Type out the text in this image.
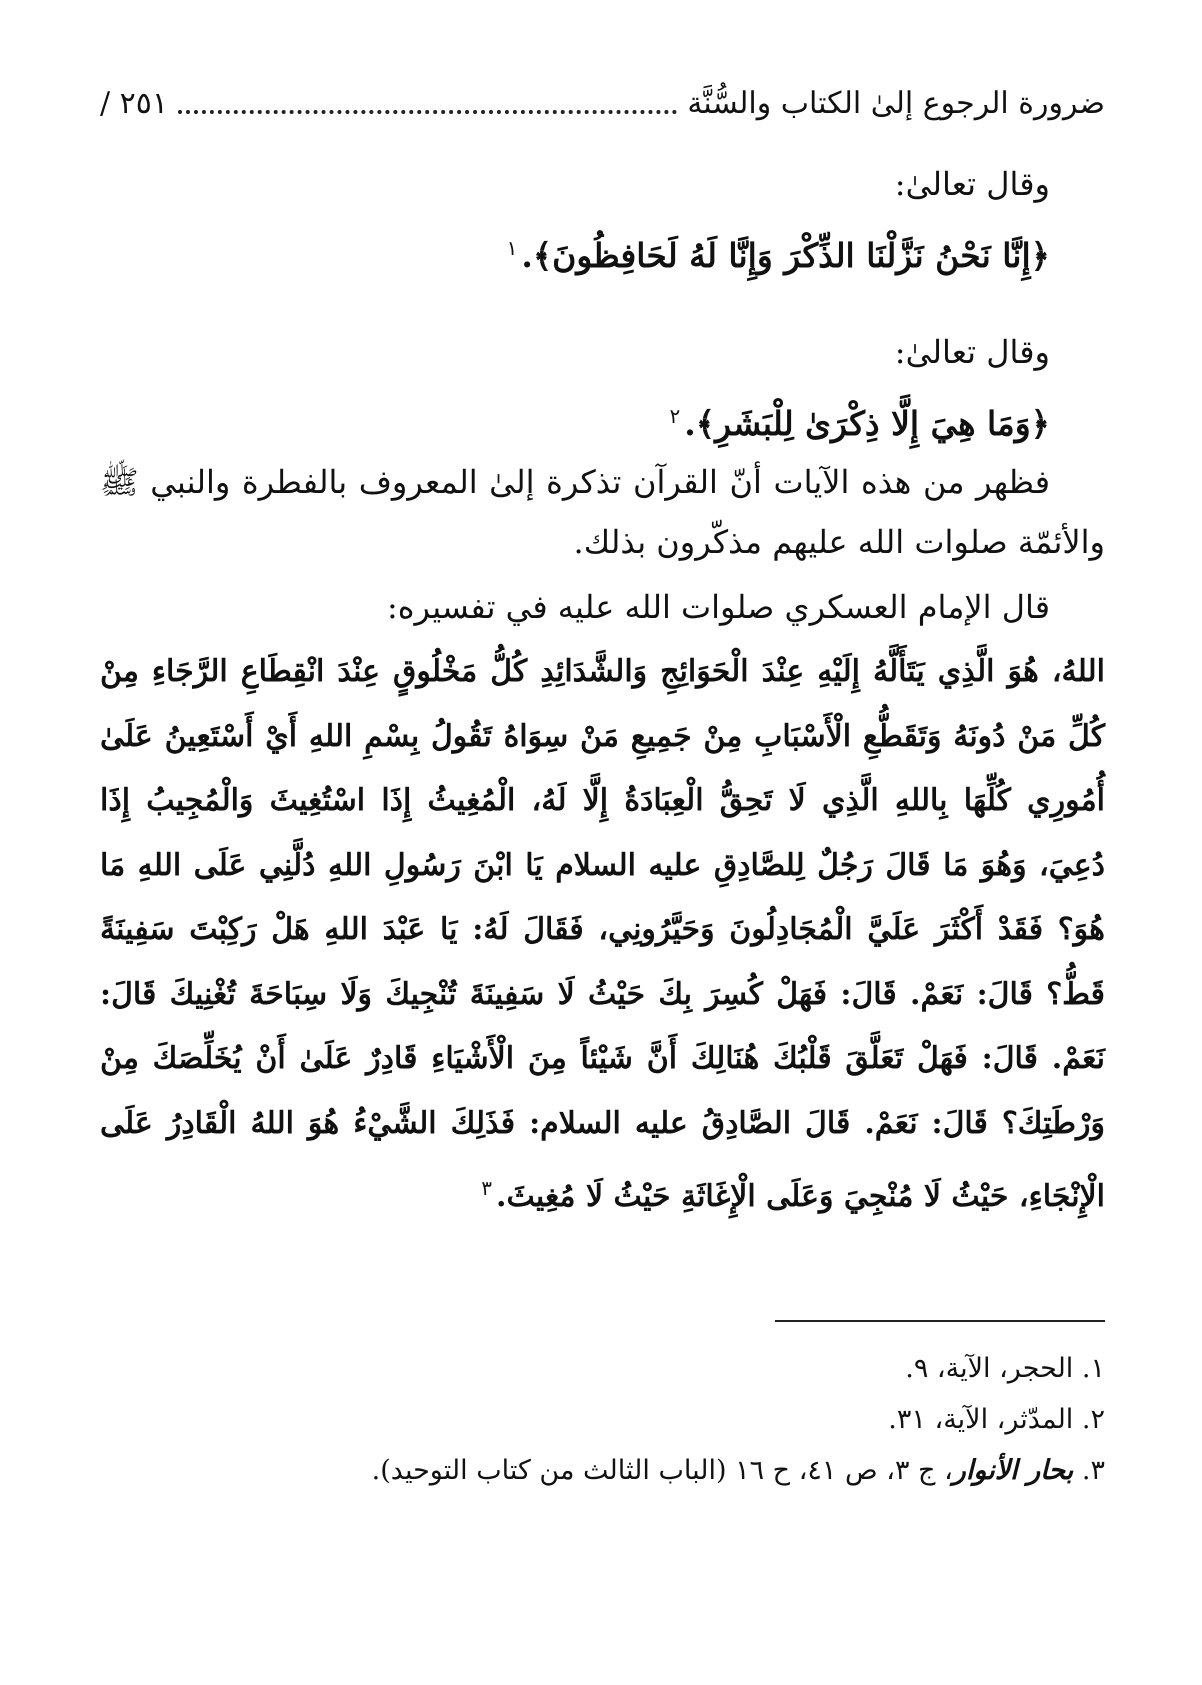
ضرورة الرجوع إلىٰ الكتاب والسُّنَّة
/ ٢٥١

وقال تعالىٰ:

﴿إِنَّا نَحْنُ نَزَّلْنَا الذِّكْرَ وَإِنَّا لَهُ لَحَافِظُونَ﴾.$^١$

وقال تعالىٰ:

﴿وَمَا هِيَ إِلَّا ذِكْرَىٰ لِلْبَشَرِ﴾.$^٢$

فظهر من هذه الآيات أنّ القرآن تذكرة إلىٰ المعروف بالفطرة والنبي ﷺ والأئمّة صلوات الله عليهم مذكّرون بذلك.

قال الإمام العسكري صلوات الله عليه في تفسيره:

اللهُ، هُوَ الَّذِي يَتَأَلَّهُ إِلَيْهِ عِنْدَ الْحَوَائِجِ وَالشَّدَائِدِ كُلُّ مَخْلُوقٍ عِنْدَ انْقِطَاعِ الرَّجَاءِ مِنْ كُلِّ مَنْ دُونَهُ وَتَقَطُّعِ الْأَسْبَابِ مِنْ جَمِيعِ مَنْ سِوَاهُ تَقُولُ بِسْمِ اللهِ أَيْ أَسْتَعِينُ عَلَىٰ أُمُورِي كُلِّهَا بِاللهِ الَّذِي لَا تَحِقُّ الْعِبَادَةُ إِلَّا لَهُ، الْمُغِيثُ إِذَا اسْتُغِيثَ وَالْمُجِيبُ إِذَا دُعِيَ، وَهُوَ مَا قَالَ رَجُلٌ لِلصَّادِقِ عليه السلام يَا ابْنَ رَسُولِ اللهِ دُلَّنِي عَلَى اللهِ مَا هُوَ؟ فَقَدْ أَكْثَرَ عَلَيَّ الْمُجَادِلُونَ وَحَيَّرُونِي، فَقَالَ لَهُ: يَا عَبْدَ اللهِ هَلْ رَكِبْتَ سَفِينَةً قَطُّ؟ قَالَ: نَعَمْ. قَالَ: فَهَلْ كُسِرَ بِكَ حَيْثُ لَا سَفِينَةَ تُنْجِيكَ وَلَا سِبَاحَةَ تُغْنِيكَ قَالَ: نَعَمْ. قَالَ: فَهَلْ تَعَلَّقَ قَلْبُكَ هُنَالِكَ أَنَّ شَيْئاً مِنَ الْأَشْيَاءِ قَادِرٌ عَلَىٰ أَنْ يُخَلِّصَكَ مِنْ وَرْطَتِكَ؟ قَالَ: نَعَمْ. قَالَ الصَّادِقُ عليه السلام: فَذَلِكَ الشَّيْءُ هُوَ اللهُ الْقَادِرُ عَلَى الْإِنْجَاءِ، حَيْثُ لَا مُنْجِيَ وَعَلَى الْإِغَاثَةِ حَيْثُ لَا مُغِيثَ.$^٣$

١. الحجر، الآية، ٩.

٢. المدّثر، الآية، ٣١.

٣. بحار الأنوار، ج ٣، ص ٤١، ح ١٦ (الباب الثالث من كتاب التوحيد).
